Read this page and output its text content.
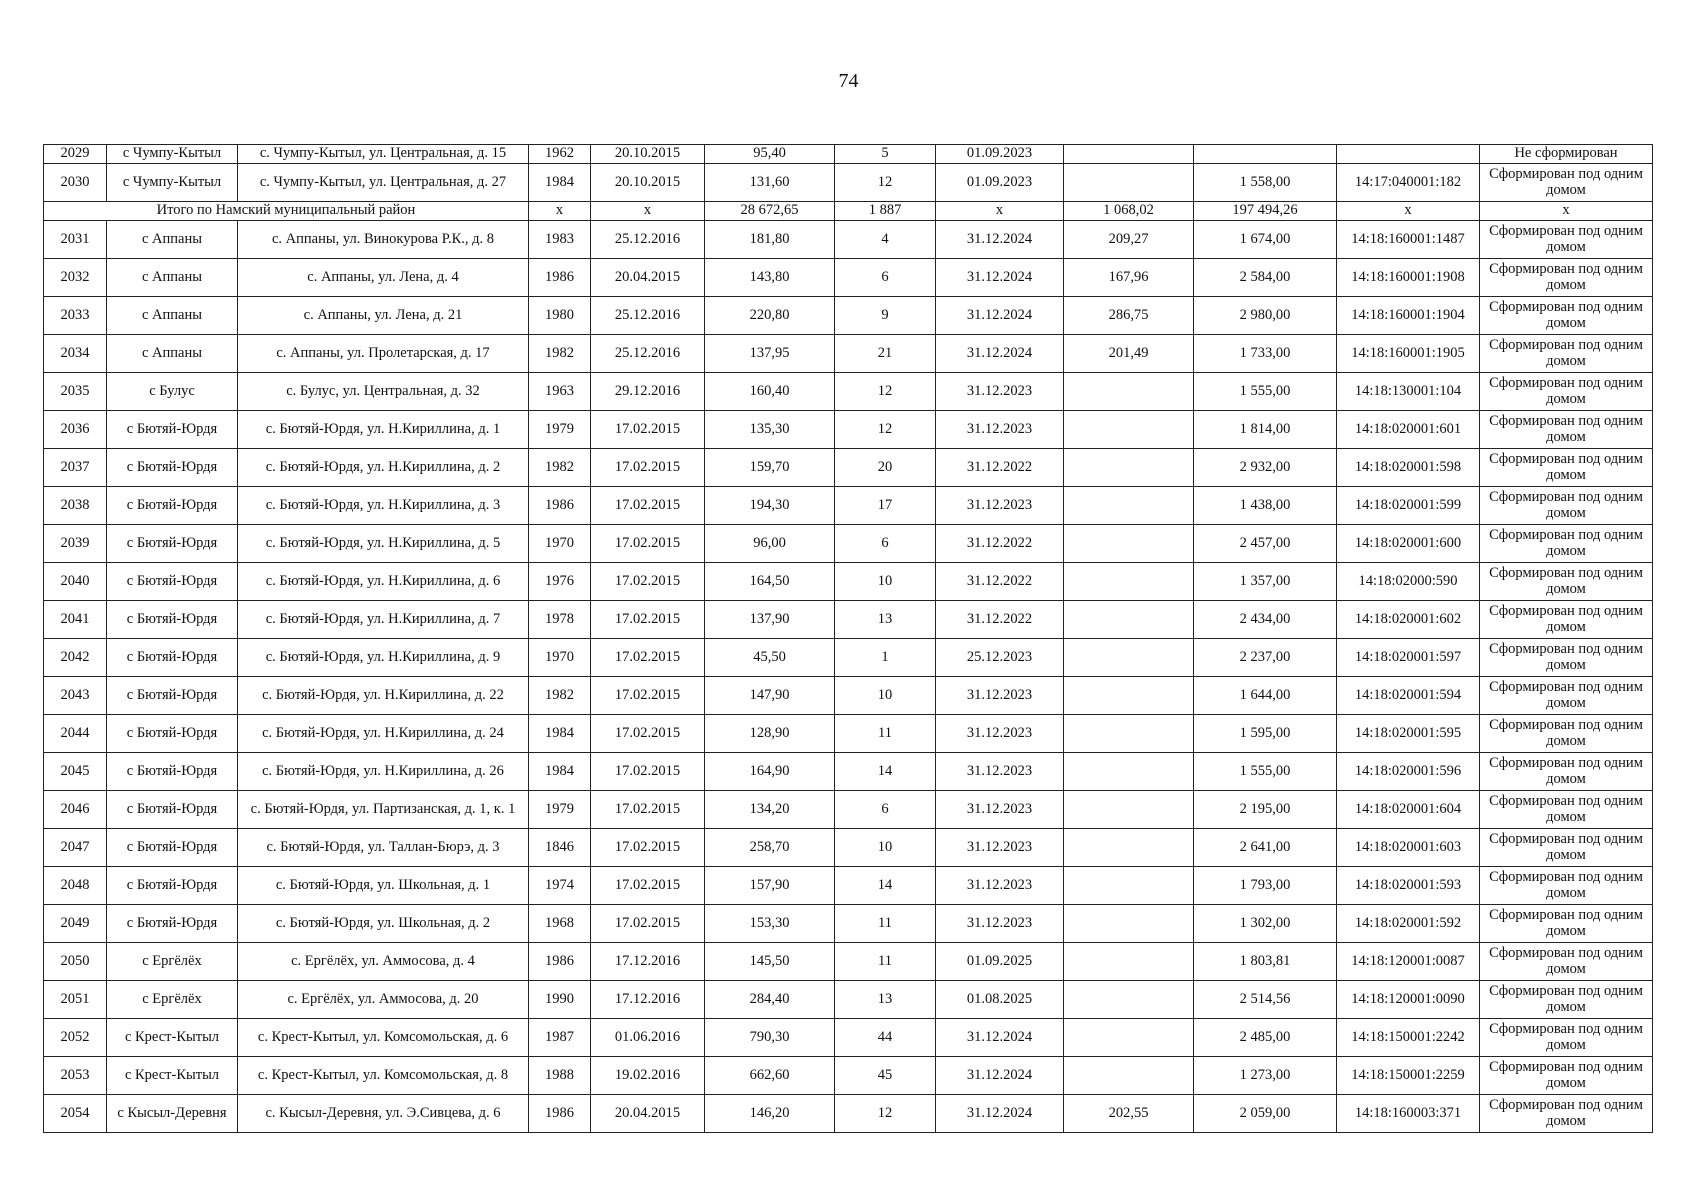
74
2029	с Чумпу-Кытыл	с. Чумпу-Кытыл, ул. Центральная, д. 15	1962	20.10.2015	95,40	5	01.09.2023				Не сформирован
2030	с Чумпу-Кытыл	с. Чумпу-Кытыл, ул. Центральная, д. 27	1984	20.10.2015	131,60	12	01.09.2023		1 558,00	14:17:040001:182	Сформирован под одним домом
Итого по Намский муниципальный район			х	х	28 672,65	1 887	х	1 068,02	197 494,26	х	х
2031	с Аппаны	с. Аппаны, ул. Винокурова Р.К., д. 8	1983	25.12.2016	181,80	4	31.12.2024	209,27	1 674,00	14:18:160001:1487	Сформирован под одним домом
2032	с Аппаны	с. Аппаны, ул. Лена, д. 4	1986	20.04.2015	143,80	6	31.12.2024	167,96	2 584,00	14:18:160001:1908	Сформирован под одним домом
2033	с Аппаны	с. Аппаны, ул. Лена, д. 21	1980	25.12.2016	220,80	9	31.12.2024	286,75	2 980,00	14:18:160001:1904	Сформирован под одним домом
2034	с Аппаны	с. Аппаны, ул. Пролетарская, д. 17	1982	25.12.2016	137,95	21	31.12.2024	201,49	1 733,00	14:18:160001:1905	Сформирован под одним домом
2035	с Булус	с. Булус, ул. Центральная, д. 32	1963	29.12.2016	160,40	12	31.12.2023		1 555,00	14:18:130001:104	Сформирован под одним домом
2036	с Бютяй-Юрдя	с. Бютяй-Юрдя, ул. Н.Кириллина, д. 1	1979	17.02.2015	135,30	12	31.12.2023		1 814,00	14:18:020001:601	Сформирован под одним домом
2037	с Бютяй-Юрдя	с. Бютяй-Юрдя, ул. Н.Кириллина, д. 2	1982	17.02.2015	159,70	20	31.12.2022		2 932,00	14:18:020001:598	Сформирован под одним домом
2038	с Бютяй-Юрдя	с. Бютяй-Юрдя, ул. Н.Кириллина, д. 3	1986	17.02.2015	194,30	17	31.12.2023		1 438,00	14:18:020001:599	Сформирован под одним домом
2039	с Бютяй-Юрдя	с. Бютяй-Юрдя, ул. Н.Кириллина, д. 5	1970	17.02.2015	96,00	6	31.12.2022		2 457,00	14:18:020001:600	Сформирован под одним домом
2040	с Бютяй-Юрдя	с. Бютяй-Юрдя, ул. Н.Кириллина, д. 6	1976	17.02.2015	164,50	10	31.12.2022		1 357,00	14:18:02000:590	Сформирован под одним домом
2041	с Бютяй-Юрдя	с. Бютяй-Юрдя, ул. Н.Кириллина, д. 7	1978	17.02.2015	137,90	13	31.12.2022		2 434,00	14:18:020001:602	Сформирован под одним домом
2042	с Бютяй-Юрдя	с. Бютяй-Юрдя, ул. Н.Кириллина, д. 9	1970	17.02.2015	45,50	1	25.12.2023		2 237,00	14:18:020001:597	Сформирован под одним домом
2043	с Бютяй-Юрдя	с. Бютяй-Юрдя, ул. Н.Кириллина, д. 22	1982	17.02.2015	147,90	10	31.12.2023		1 644,00	14:18:020001:594	Сформирован под одним домом
2044	с Бютяй-Юрдя	с. Бютяй-Юрдя, ул. Н.Кириллина, д. 24	1984	17.02.2015	128,90	11	31.12.2023		1 595,00	14:18:020001:595	Сформирован под одним домом
2045	с Бютяй-Юрдя	с. Бютяй-Юрдя, ул. Н.Кириллина, д. 26	1984	17.02.2015	164,90	14	31.12.2023		1 555,00	14:18:020001:596	Сформирован под одним домом
2046	с Бютяй-Юрдя	с. Бютяй-Юрдя, ул. Партизанская, д. 1, к. 1	1979	17.02.2015	134,20	6	31.12.2023		2 195,00	14:18:020001:604	Сформирован под одним домом
2047	с Бютяй-Юрдя	с. Бютяй-Юрдя, ул. Таллан-Бюрэ, д. 3	1846	17.02.2015	258,70	10	31.12.2023		2 641,00	14:18:020001:603	Сформирован под одним домом
2048	с Бютяй-Юрдя	с. Бютяй-Юрдя, ул. Школьная, д. 1	1974	17.02.2015	157,90	14	31.12.2023		1 793,00	14:18:020001:593	Сформирован под одним домом
2049	с Бютяй-Юрдя	с. Бютяй-Юрдя, ул. Школьная, д. 2	1968	17.02.2015	153,30	11	31.12.2023		1 302,00	14:18:020001:592	Сформирован под одним домом
2050	с Ергёлёх	с. Ергёлёх, ул. Аммосова, д. 4	1986	17.12.2016	145,50	11	01.09.2025		1 803,81	14:18:120001:0087	Сформирован под одним домом
2051	с Ергёлёх	с. Ергёлёх, ул. Аммосова, д. 20	1990	17.12.2016	284,40	13	01.08.2025		2 514,56	14:18:120001:0090	Сформирован под одним домом
2052	с Крест-Кытыл	с. Крест-Кытыл, ул. Комсомольская, д. 6	1987	01.06.2016	790,30	44	31.12.2024		2 485,00	14:18:150001:2242	Сформирован под одним домом
2053	с Крест-Кытыл	с. Крест-Кытыл, ул. Комсомольская, д. 8	1988	19.02.2016	662,60	45	31.12.2024		1 273,00	14:18:150001:2259	Сформирован под одним домом
2054	с Кысыл-Деревня	с. Кысыл-Деревня, ул. Э.Сивцева, д. 6	1986	20.04.2015	146,20	12	31.12.2024	202,55	2 059,00	14:18:160003:371	Сформирован под одним домом
